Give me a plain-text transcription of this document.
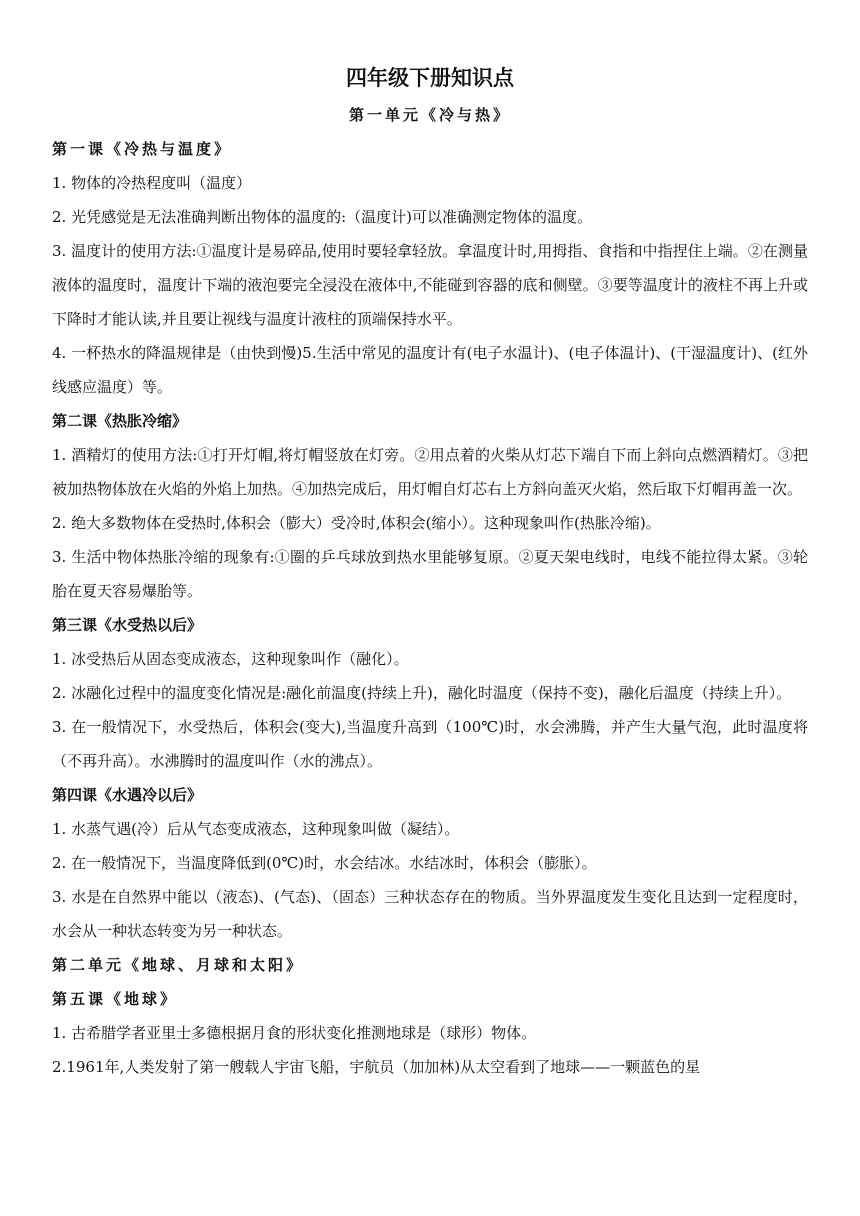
四年级下册知识点
第一单元《冷与热》
第一课《冷热与温度》

1. 物体的冷热程度叫（温度）

2. 光凭感觉是无法准确判断出物体的温度的:（温度计)可以准确测定物体的温度。

3. 温度计的使用方法:①温度计是易碎品,使用时要轻拿轻放。拿温度计时,用拇指、食指和中指捏住上端。②在测量液体的温度时，温度计下端的液泡要完全浸没在液体中,不能碰到容器的底和侧壁。③要等温度计的液柱不再上升或下降时才能认读,并且要让视线与温度计液柱的顶端保持水平。

4. 一杯热水的降温规律是（由快到慢)5.生活中常见的温度计有(电子水温计)、(电子体温计)、(干湿温度计)、(红外线感应温度）等。

第二课《热胀冷缩》

1. 酒精灯的使用方法:①打开灯帽,将灯帽竖放在灯旁。②用点着的火柴从灯芯下端自下而上斜向点燃酒精灯。③把被加热物体放在火焰的外焰上加热。④加热完成后，用灯帽自灯芯右上方斜向盖灭火焰，然后取下灯帽再盖一次。

2. 绝大多数物体在受热时,体积会（膨大）受冷时,体积会(缩小）。这种现象叫作(热胀冷缩)。

3. 生活中物体热胀冷缩的现象有:①圈的乒乓球放到热水里能够复原。②夏天架电线时，电线不能拉得太紧。③轮胎在夏天容易爆胎等。

第三课《水受热以后》

1. 冰受热后从固态变成液态，这种现象叫作（融化）。

2. 冰融化过程中的温度变化情况是:融化前温度(持续上升)，融化时温度（保持不变)，融化后温度（持续上升）。

3. 在一般情况下，水受热后，体积会(变大),当温度升高到（100℃)时，水会沸腾，并产生大量气泡，此时温度将（不再升高）。水沸腾时的温度叫作（水的沸点）。

第四课《水遇冷以后》

1. 水蒸气遇(冷）后从气态变成液态，这种现象叫做（凝结）。

2. 在一般情况下，当温度降低到(0℃)时，水会结冰。水结冰时，体积会（膨胀）。

3. 水是在自然界中能以（液态)、(气态)、（固态）三种状态存在的物质。当外界温度发生变化且达到一定程度时，水会从一种状态转变为另一种状态。

第二单元《地球、月球和太阳》
第五课《地球》

1. 古希腊学者亚里士多德根据月食的形状变化推测地球是（球形）物体。

2.1961年,人类发射了第一艘载人宇宙飞船，宇航员（加加林)从太空看到了地球——一颗蓝色的星
